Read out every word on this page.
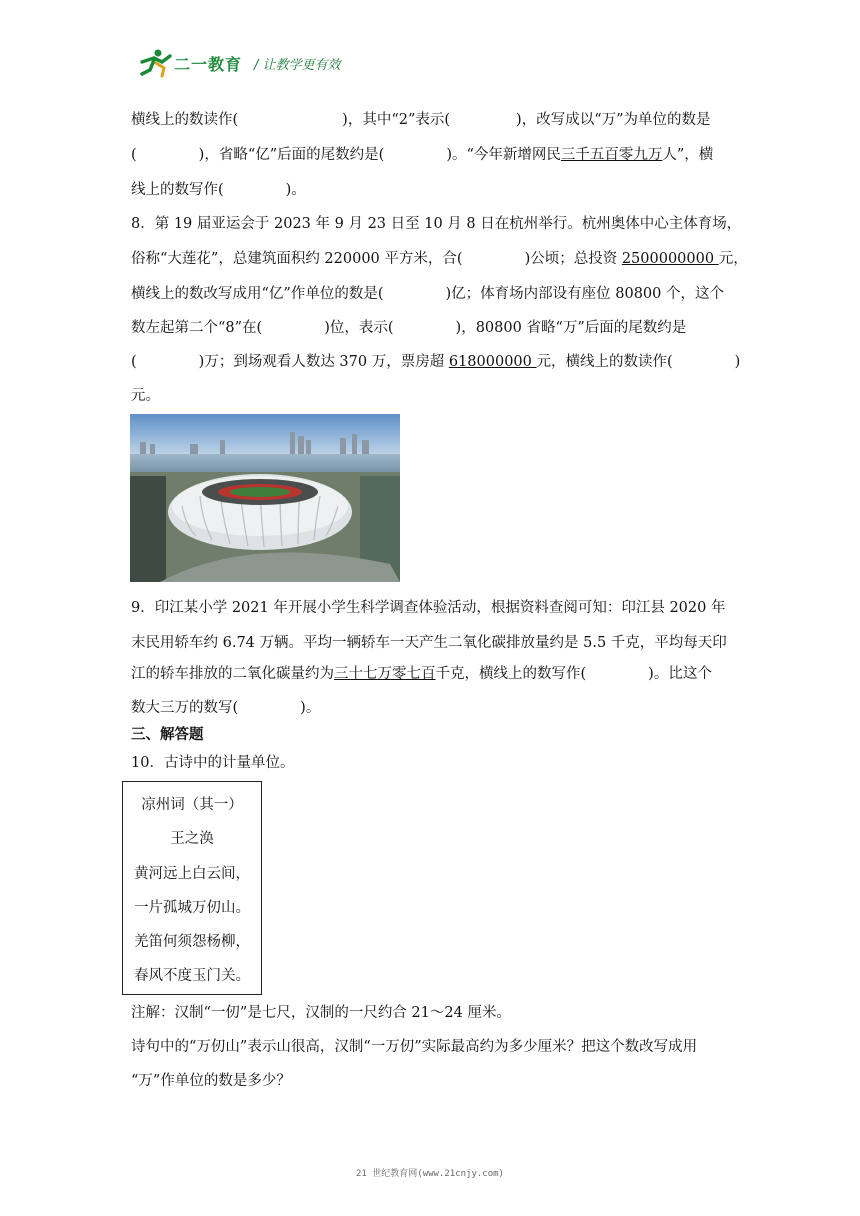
二一教育 / 让教学更有效
横线上的数读作(	)，其中“2”表示(	)，改写成以“万”为单位的数是
(	)，省略“亿”后面的尾数约是(	)。“今年新增网民三千五百零九万人”，横
线上的数写作(	)。
8．第 19 届亚运会于 2023 年 9 月 23 日至 10 月 8 日在杭州举行。杭州奥体中心主体育场，
俗称“大莲花”，总建筑面积约 220000 平方米，合(	)公顷；总投资 2500000000 元，
横线上的数改写成用“亿”作单位的数是(	)亿；体育场内部设有座位 80800 个，这个
数左起第二个“8”在(	)位，表示(	)，80800 省略“万”后面的尾数约是
(	)万；到场观看人数达 370 万，票房超 618000000 元，横线上的数读作(	)
元。
9．印江某小学 2021 年开展小学生科学调查体验活动，根据资料查阅可知：印江县 2020 年
末民用轿车约 6.74 万辆。平均一辆轿车一天产生二氧化碳排放量约是 5.5 千克，平均每天印
江的轿车排放的二氧化碳量约为三十七万零七百千克，横线上的数写作(	)。比这个
数大三万的数写(	)。
三、解答题
10．古诗中的计量单位。
凉州词（其一）
王之涣
黄河远上白云间，
一片孤城万仞山。
羌笛何须怨杨柳，
春风不度玉门关。
注解：汉制“一仞”是七尺，汉制的一尺约合 21～24 厘米。
诗句中的“万仞山”表示山很高，汉制“一万仞”实际最高约为多少厘米？把这个数改写成用
“万”作单位的数是多少？
21 世纪教育网(www.21cnjy.com)
